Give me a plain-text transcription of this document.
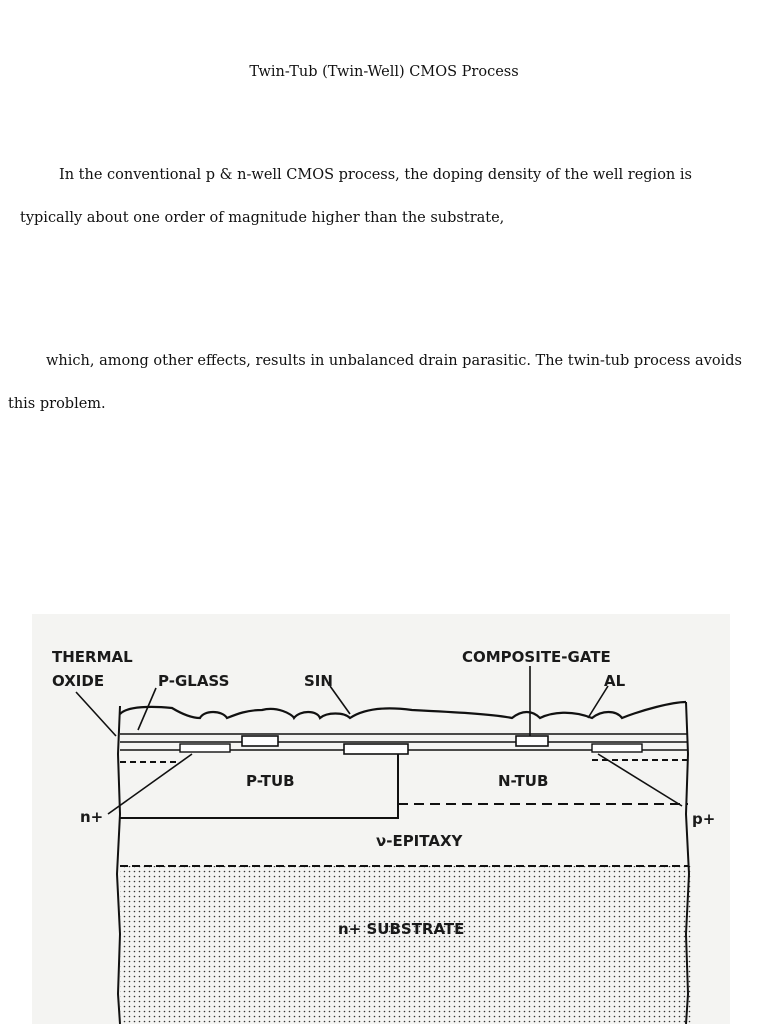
Twin-Tub (Twin-Well) CMOS Process
In the conventional p & n-well CMOS process, the doping density of the well region is
typically about one order of magnitude higher than the substrate,
which, among other effects, results in unbalanced drain parasitic. The twin-tub process avoids
this problem.
THERMAL
OXIDE	P-GLASS	SIN
COMPOSITE-GATE
AL
P-TUB	N-TUB
n+	p+
ν-EPITAXY
n+ SUBSTRATE
